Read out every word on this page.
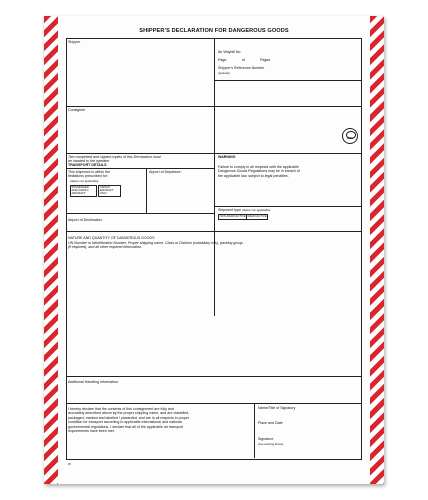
SHIPPER’S DECLARATION FOR DANGEROUS GOODS
Shipper
Air Waybill No.
Page	of	Pages
Shipper’s Reference Number
(optional)
Consignee
IATA
Two completed and signed copies of this Declaration must
be handed to the operator
TRANSPORT DETAILS
This shipment is within the
limitations prescribed for:
(delete non-applicable)
PASSENGER
AND CARGO
AIRCRAFT
CARGO
AIRCRAFT
ONLY
Airport of Departure:
WARNING
Failure to comply in all respects with the applicable
Dangerous Goods Regulations may be in breach of
the applicable law, subject to legal penalties.
Airport of Destination:
Shipment type (delete non-applicable)
NON-RADIOACTIVE RADIOACTIVE
NATURE AND QUANTITY OF DANGEROUS GOODS
UN Number or Identification Number, Proper shipping name, Class or Division (subsidiary risk), packing group
(if required), and all other required information.
Additional Handling Information
I hereby declare that the contents of this consignment are fully and
accurately described above by the proper shipping name, and are classified,
packaged, marked and labelled / placarded, and are in all respects in proper
condition for transport according to applicable international and national
governmental regulations. I declare that all of the applicable air transport
requirements have been met.
Name/Title of Signatory
Place and Date
Signature
(see warning above)
W
